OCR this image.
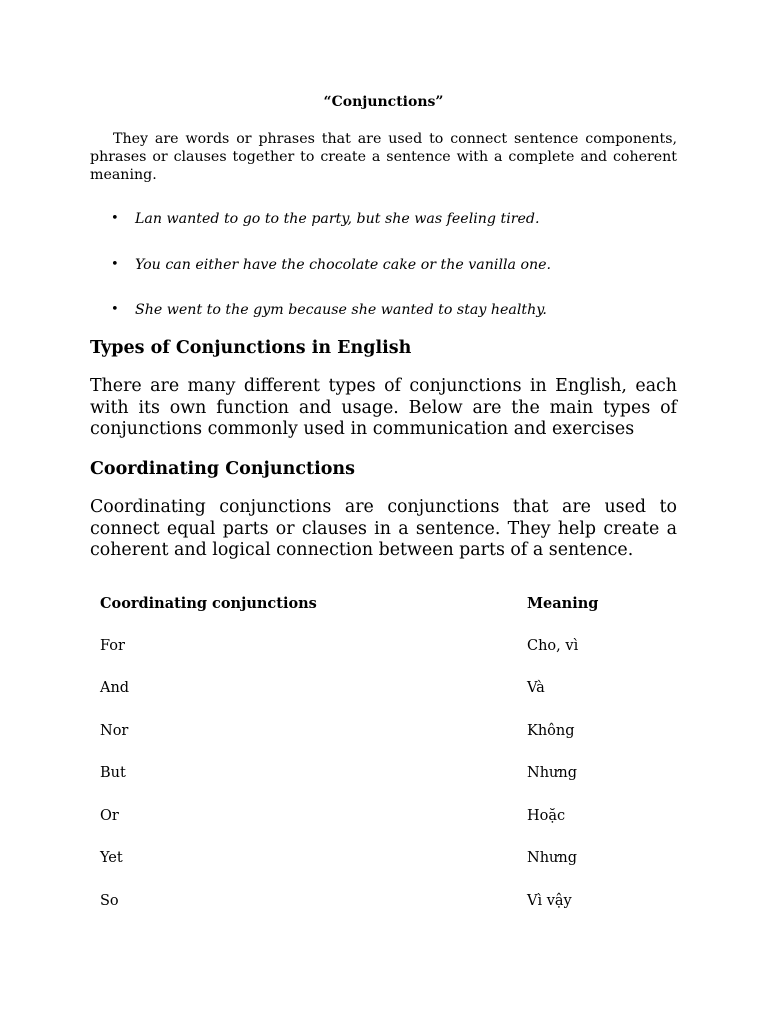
“Conjunctions”

They are words or phrases that are used to connect sentence components, phrases or clauses together to create a sentence with a complete and coherent meaning.

• Lan wanted to go to the party, but she was feeling tired.
• You can either have the chocolate cake or the vanilla one.
• She went to the gym because she wanted to stay healthy.
Types of Conjunctions in English

There are many different types of conjunctions in English, each with its own function and usage. Below are the main types of conjunctions commonly used in communication and exercises

Coordinating Conjunctions

Coordinating conjunctions are conjunctions that are used to connect equal parts or clauses in a sentence. They help create a coherent and logical connection between parts of a sentence.

Coordinating conjunctions	Meaning
For	Cho, vì
And	Và
Nor	Không
But	Nhưng
Or	Hoặc
Yet	Nhưng
So	Vì vậy
